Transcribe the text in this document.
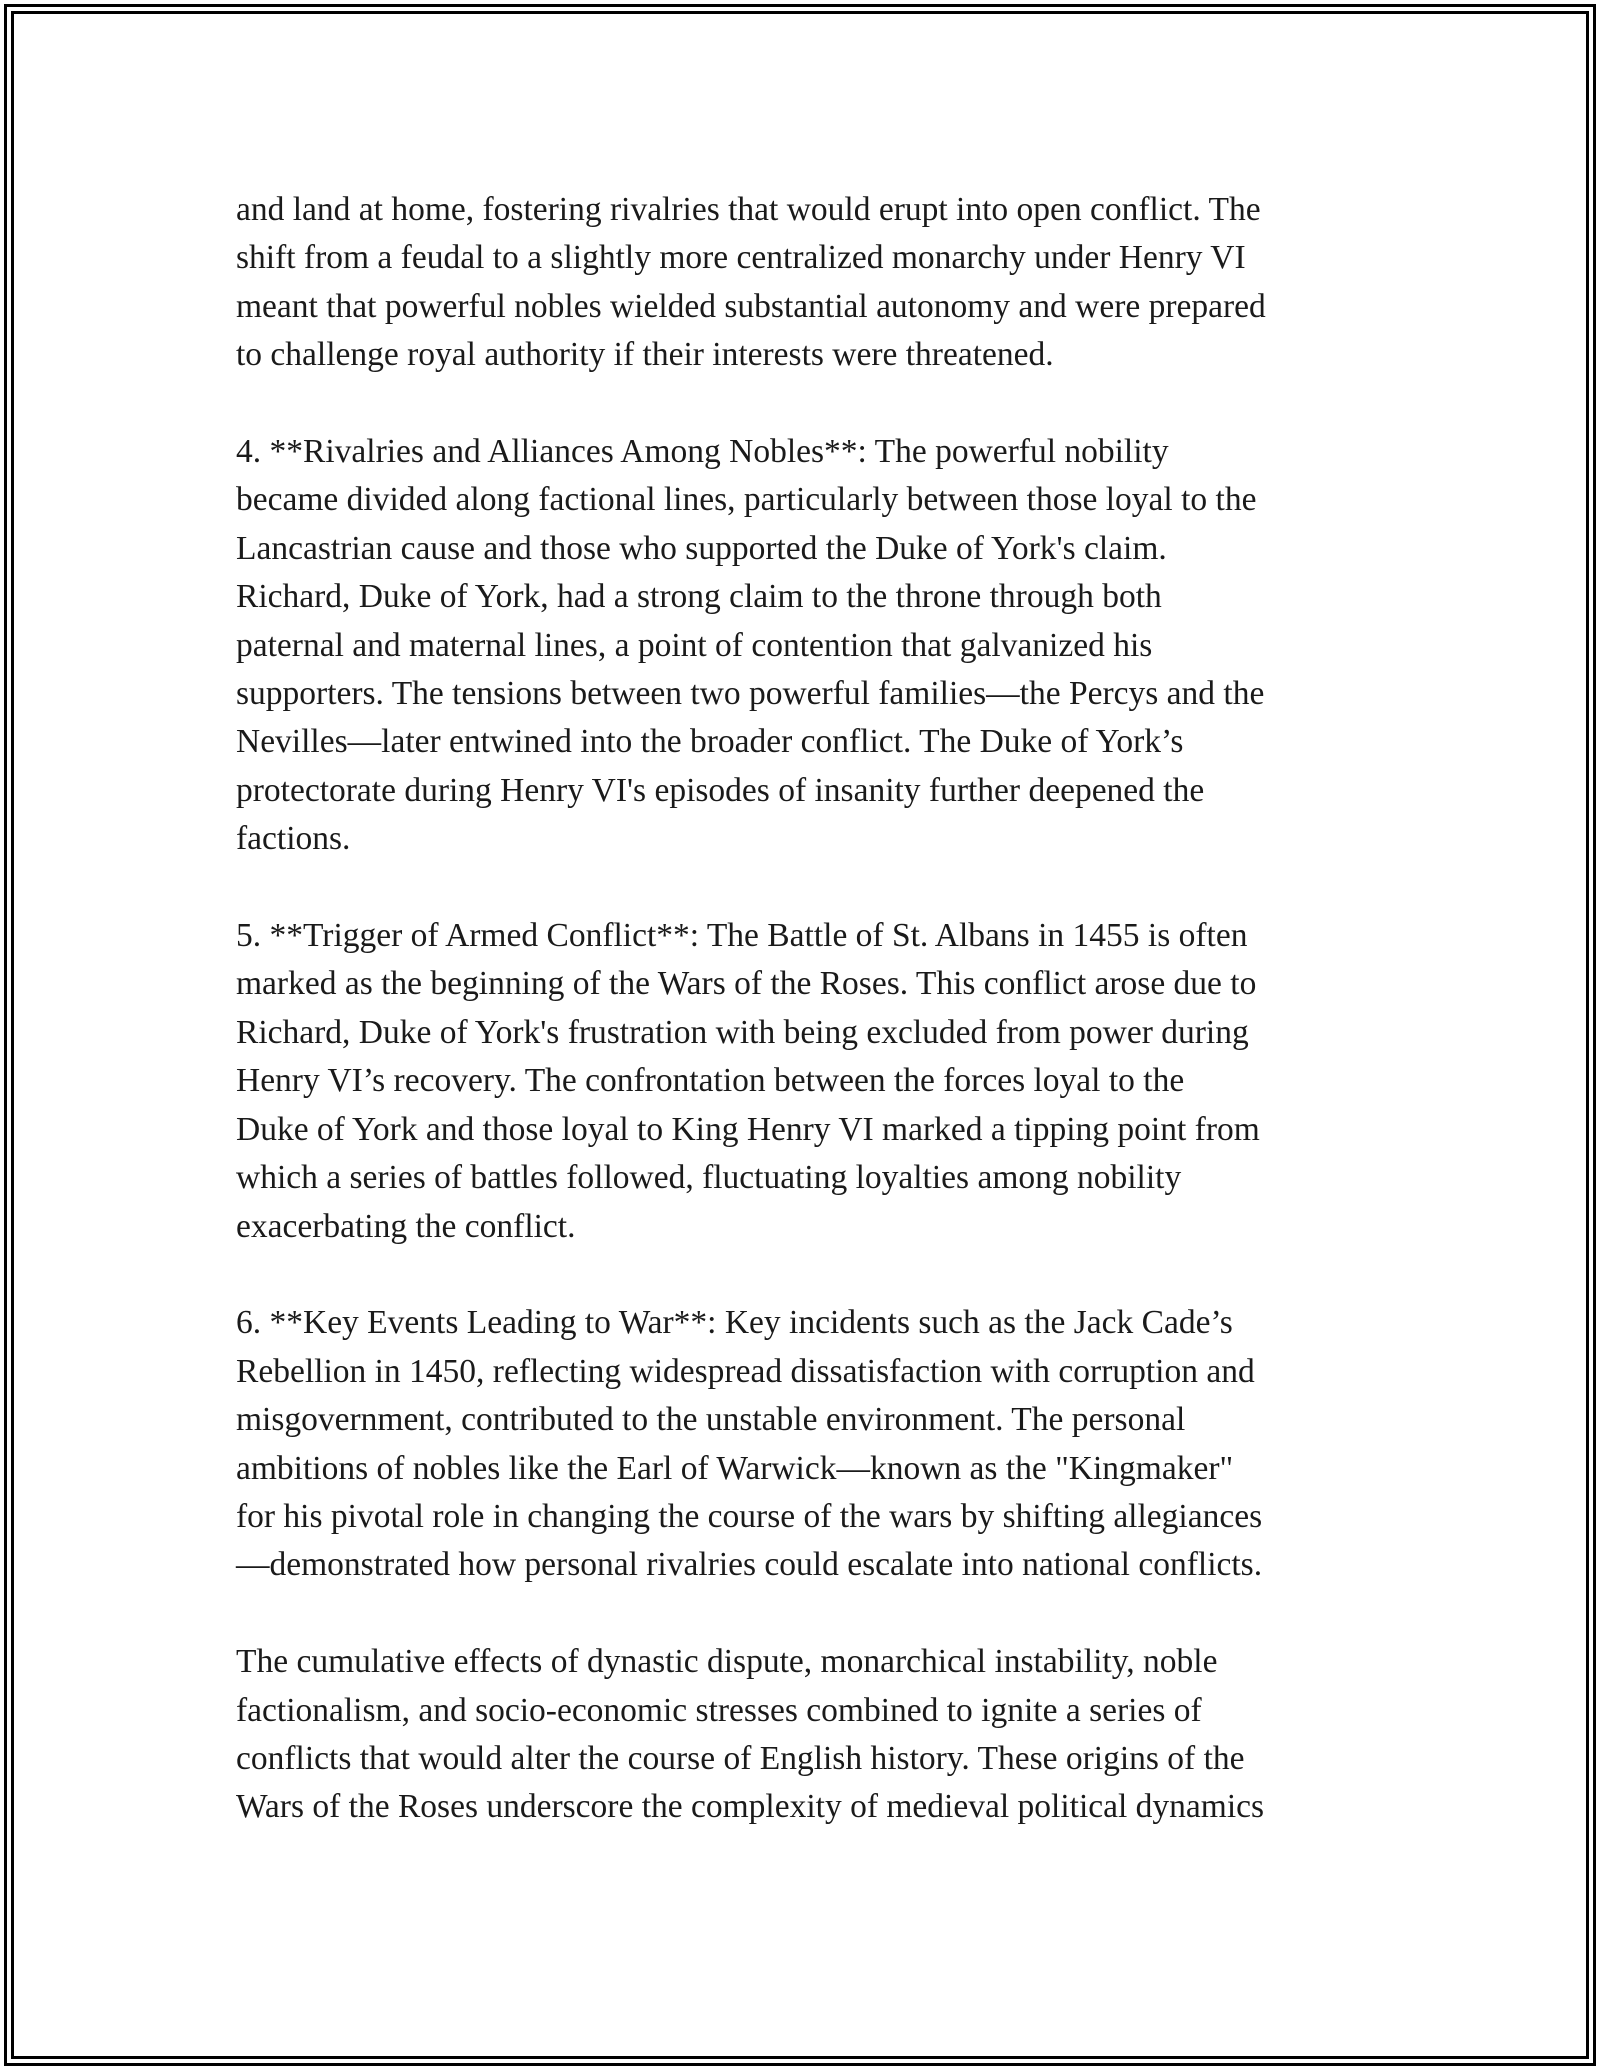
and land at home, fostering rivalries that would erupt into open conflict. The
shift from a feudal to a slightly more centralized monarchy under Henry VI
meant that powerful nobles wielded substantial autonomy and were prepared
to challenge royal authority if their interests were threatened.

4. **Rivalries and Alliances Among Nobles**: The powerful nobility
became divided along factional lines, particularly between those loyal to the
Lancastrian cause and those who supported the Duke of York's claim.
Richard, Duke of York, had a strong claim to the throne through both
paternal and maternal lines, a point of contention that galvanized his
supporters. The tensions between two powerful families—the Percys and the
Nevilles—later entwined into the broader conflict. The Duke of York’s
protectorate during Henry VI's episodes of insanity further deepened the
factions.

5. **Trigger of Armed Conflict**: The Battle of St. Albans in 1455 is often
marked as the beginning of the Wars of the Roses. This conflict arose due to
Richard, Duke of York's frustration with being excluded from power during
Henry VI’s recovery. The confrontation between the forces loyal to the
Duke of York and those loyal to King Henry VI marked a tipping point from
which a series of battles followed, fluctuating loyalties among nobility
exacerbating the conflict.

6. **Key Events Leading to War**: Key incidents such as the Jack Cade’s
Rebellion in 1450, reflecting widespread dissatisfaction with corruption and
misgovernment, contributed to the unstable environment. The personal
ambitions of nobles like the Earl of Warwick—known as the "Kingmaker"
for his pivotal role in changing the course of the wars by shifting allegiances
—demonstrated how personal rivalries could escalate into national conflicts.

The cumulative effects of dynastic dispute, monarchical instability, noble
factionalism, and socio-economic stresses combined to ignite a series of
conflicts that would alter the course of English history. These origins of the
Wars of the Roses underscore the complexity of medieval political dynamics
